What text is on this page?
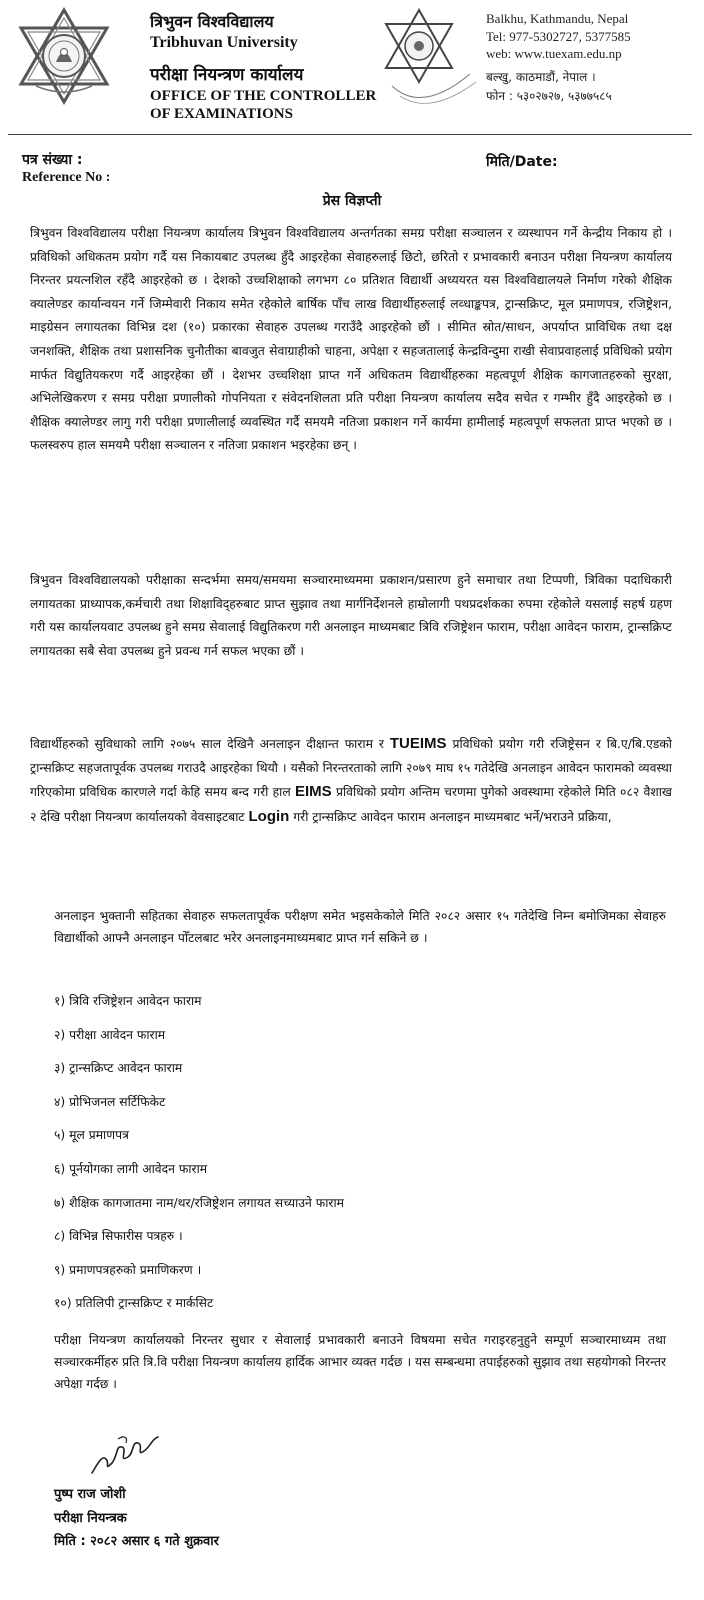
त्रिभुवन विश्वविद्यालय
Tribhuvan University
परीक्षा नियन्त्रण कार्यालय
OFFICE OF THE CONTROLLER
OF EXAMINATIONS
Balkhu, Kathmandu, Nepal
Tel: 977-5302727, 5377585
web: www.tuexam.edu.np
बल्खु, काठमाडौं, नेपाल ।
फोन : ५३०२७२७, ५३७७५८५
पत्र संख्या :
Reference No :
मिति/Date:
प्रेस विज्ञप्ती
त्रिभुवन विश्वविद्यालय परीक्षा नियन्त्रण कार्यालय त्रिभुवन विश्वविद्यालय अन्तर्गतका समग्र परीक्षा सञ्चालन र व्यस्थापन गर्ने केन्द्रीय निकाय हो । प्रविधिको अधिकतम प्रयोग गर्दै यस निकायबाट उपलब्ध हुँदै आइरहेका सेवाहरुलाई छिटो, छरितो र प्रभावकारी बनाउन परीक्षा नियन्त्रण कार्यालय निरन्तर प्रयत्नशिल रहँदै आइरहेको छ । देशको उच्चशिक्षाको लगभग ८० प्रतिशत विद्यार्थी अध्ययरत यस विश्वविद्यालयले निर्माण गरेको शैक्षिक क्यालेण्डर कार्यान्वयन गर्ने जिम्मेवारी निकाय समेत रहेकोले बार्षिक पाँच लाख विद्यार्थीहरुलाई लव्धाङ्कपत्र, ट्रान्सक्रिप्ट, मूल प्रमाणपत्र, रजिष्ट्रेशन, माइग्रेसन लगायतका विभिन्न दश (१०) प्रकारका सेवाहरु उपलब्ध गराउँदै आइरहेको छौं । सीमित स्रोत/साधन, अपर्याप्त प्राविधिक तथा दक्ष जनशक्ति, शैक्षिक तथा प्रशासनिक चुनौतीका बावजुत सेवाग्राहीको चाहना, अपेक्षा र सहजतालाई केन्द्रविन्दुमा राखी सेवाप्रवाहलाई प्रविधिको प्रयोग मार्फत विद्युतियकरण गर्दै आइरहेका छौं । देशभर उच्चशिक्षा प्राप्त गर्ने अधिकतम विद्यार्थीहरुका महत्वपूर्ण शैक्षिक कागजातहरुको सुरक्षा, अभिलेखिकरण र समग्र परीक्षा प्रणालीको गोपनियता र संवेदनशिलता प्रति परीक्षा नियन्त्रण कार्यालय सदैव सचेत र गम्भीर हुँदै आइरहेको छ । शैक्षिक क्यालेण्डर लागु गरी परीक्षा प्रणालीलाई व्यवस्थित गर्दै समयमै नतिजा प्रकाशन गर्ने कार्यमा हामीलाई महत्वपूर्ण सफलता प्राप्त भएको छ । फलस्वरुप हाल समयमै परीक्षा सञ्चालन र नतिजा प्रकाशन भइरहेका छन् ।
त्रिभुवन विश्वविद्यालयको परीक्षाका सन्दर्भमा समय/समयमा सञ्चारमाध्यममा प्रकाशन/प्रसारण हुने समाचार तथा टिप्पणी, त्रिविका पदाधिकारी लगायतका प्राध्यापक,कर्मचारी तथा शिक्षाविद्हरुबाट प्राप्त सुझाव तथा मार्गनिर्देशनले हाम्रोलागी पथप्रदर्शकका रुपमा रहेकोले यसलाई सहर्ष ग्रहण गरी यस कार्यालयवाट उपलब्ध हुने समग्र सेवालाई विद्युतिकरण गरी अनलाइन माध्यमबाट त्रिवि रजिष्ट्रेशन फाराम, परीक्षा आवेदन फाराम, ट्रान्सक्रिप्ट लगायतका सबै सेवा उपलब्ध हुने प्रवन्ध गर्न सफल भएका छौं ।
विद्यार्थीहरुको सुविधाको लागि २०७५ साल देखिनै अनलाइन दीक्षान्त फाराम र TUEIMS प्रविधिको प्रयोग गरी रजिष्ट्रेसन र बि.ए/बि.एडको ट्रान्सक्रिप्ट सहजतापूर्वक उपलब्ध गराउदै आइरहेका थियौ । यसैको निरन्तरताको लागि २०७९ माघ १५ गतेदेखि अनलाइन आवेदन फारामको व्यवस्था गरिएकोमा प्रविधिक कारणले गर्दा केहि समय बन्द गरी हाल EIMS प्रविधिको प्रयोग अन्तिम चरणमा पुगेको अवस्थामा रहेकोले मिति ०८२ वैशाख २ देखि परीक्षा नियन्त्रण कार्यालयको वेवसाइटबाट Login गरी ट्रान्सक्रिप्ट आवेदन फाराम अनलाइन माध्यमबाट भर्ने/भराउने प्रक्रिया,
अनलाइन भुक्तानी सहितका सेवाहरु सफलतापूर्वक परीक्षण समेत भइसकेकोले मिति २०८२ असार १५ गतेदेखि निम्न बमोजिमका सेवाहरु विद्यार्थीको आफ्नै अनलाइन पोँटलबाट भरेर अनलाइनमाध्यमबाट प्राप्त गर्न सकिने छ ।
१) त्रिवि रजिष्ट्रेशन आवेदन फाराम
२) परीक्षा आवेदन फाराम
३) ट्रान्सक्रिप्ट आवेदन फाराम
४) प्रोभिजनल सर्टिफिकेट
५) मूल प्रमाणपत्र
६) पूर्नयोगका लागी आवेदन फाराम
७) शैक्षिक कागजातमा नाम/थर/रजिष्ट्रेशन लगायत सच्याउने फाराम
८) विभिन्न सिफारीस पत्रहरु ।
९) प्रमाणपत्रहरुको प्रमाणिकरण ।
१०) प्रतिलिपी ट्रान्सक्रिप्ट र मार्कसिट
परीक्षा नियन्त्रण कार्यालयको निरन्तर सुधार र सेवालाई प्रभावकारी बनाउने विषयमा सचेत गराइरहनुहुने सम्पूर्ण सञ्चारमाध्यम तथा सञ्चारकर्मीहरु प्रति त्रि.वि परीक्षा नियन्त्रण कार्यालय हार्दिक आभार व्यक्त गर्दछ । यस सम्बन्धमा तपाईहरुको सुझाव तथा सहयोगको निरन्तर अपेक्षा गर्दछ ।
पुष्प राज जोशी
परीक्षा नियन्त्रक
मिति : २०८२ असार ६ गते शुक्रवार
